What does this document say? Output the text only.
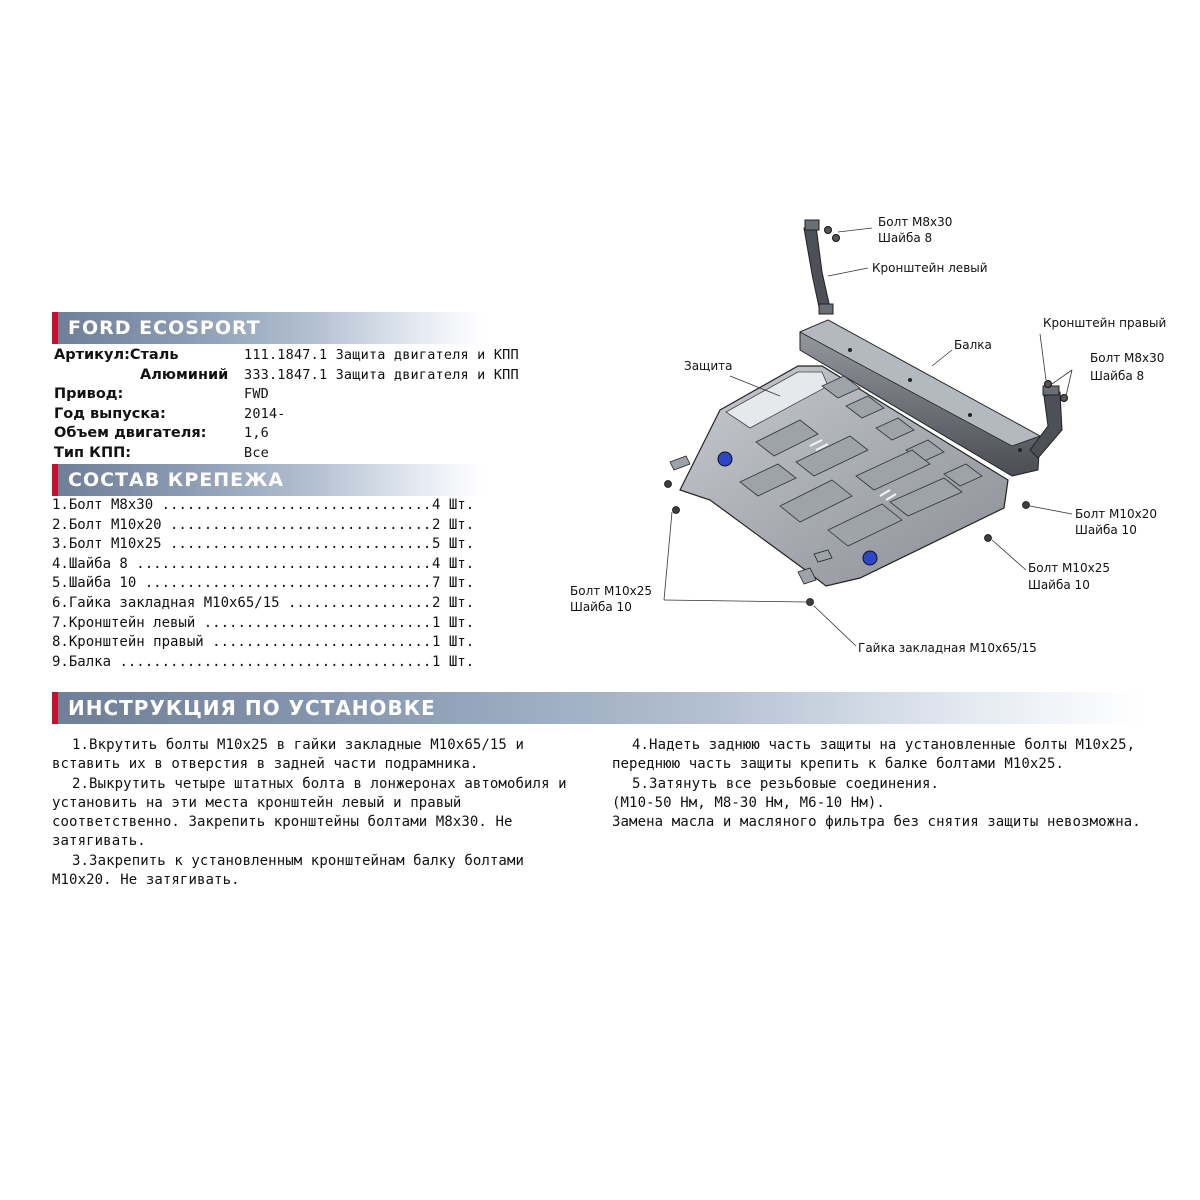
Болт М8х30
Шайба 8
Кронштейн левый
Кронштейн правый
Балка
Болт М8х30
Шайба 8
Защита
Болт М10х20
Шайба 10
Болт М10х25
Шайба 10
Болт М10х25
Шайба 10
Гайка закладная М10х65/15
FORD ECOSPORT
Артикул:Сталь	111.1847.1 Защита двигателя и КПП
Алюминий	333.1847.1 Защита двигателя и КПП
Привод:	FWD
Год выпуска:	2014-
Объем двигателя:	1,6
Тип КПП:	Все
СОСТАВ КРЕПЕЖА
1.Болт М8х30 .....	4 Шт.
2.Болт М10х20 .....	2 Шт.
3.Болт М10х25 .....	5 Шт.
4.Шайба 8 .....	4 Шт.
5.Шайба 10 .....	7 Шт.
6.Гайка закладная М10х65/15 .....	2 Шт.
7.Кронштейн левый .....	1 Шт.
8.Кронштейн правый .....	1 Шт.
9.Балка .....	1 Шт.
ИНСТРУКЦИЯ ПО УСТАНОВКЕ

1.Вкрутить болты М10х25 в гайки закладные М10х65/15 и вставить их в отверстия в задней части подрамника.

2.Выкрутить четыре штатных болта в лонжеронах автомобиля и установить на эти места кронштейн левый и правый соответственно. Закрепить кронштейны болтами М8х30. Не затягивать.

3.Закрепить к установленным кронштейнам балку болтами М10х20. Не затягивать.

4.Надеть заднюю часть защиты на установленные болты М10х25, переднюю часть защиты крепить к балке болтами М10х25.

5.Затянуть все резьбовые соединения.

(М10-50 Нм, М8-30 Нм, М6-10 Нм).

Замена масла и масляного фильтра без снятия защиты невозможна.
